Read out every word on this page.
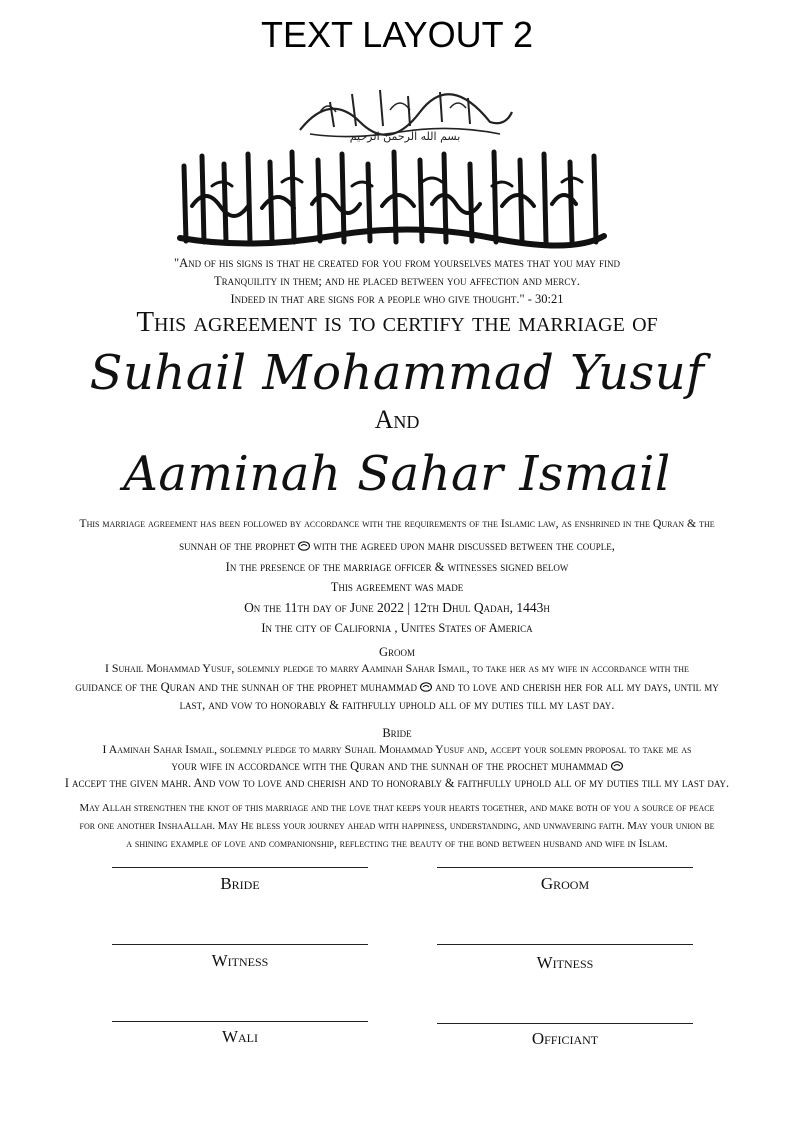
TEXT LAYOUT 2
بسم الله الرحمن الرحيم
ومن آياته أن خلق لكم من أنفسكم أزواجا لتسكنوا إليها
"And of his signs is that he created for you from yourselves mates that you may find
Tranquility in them; and he placed between you affection and mercy.
Indeed in that are signs for a people who give thought." - 30:21
This agreement is to certify the marriage of
Suhail Mohammad Yusuf
And
Aaminah Sahar Ismail
This marriage agreement has been followed by accordance with the requirements of the Islamic law, as enshrined in the Quran & the
sunnah of the prophet with the agreed upon mahr discussed between the couple,
In the presence of the marriage officer & witnesses signed below
This agreement was made
On the 11th day of June 2022 | 12th Dhul Qadah, 1443h
In the city of California , Unites States of America
Groom
I Suhail Mohammad Yusuf, solemnly pledge to marry Aaminah Sahar Ismail, to take her as my wife in accordance with the
guidance of the Quran and the sunnah of the prophet muhammad and to love and cherish her for all my days, until my
last, and vow to honorably & faithfully uphold all of my duties till my last day.
Bride
I Aaminah Sahar Ismail, solemnly pledge to marry Suhail Mohammad Yusuf and, accept your solemn proposal to take me as
your wife in accordance with the Quran and the sunnah of the prochet muhammad
I accept the given mahr. And vow to love and cherish and to honorably & faithfully uphold all of my duties till my last day.
May Allah strengthen the knot of this marriage and the love that keeps your hearts together, and make both of you a source of peace
for one another InshaAllah. May He bless your journey ahead with happiness, understanding, and unwavering faith. May your union be
a shining example of love and companionship, reflecting the beauty of the bond between husband and wife in Islam.
Bride	Groom
Witness	Witness
Wali	Officiant
